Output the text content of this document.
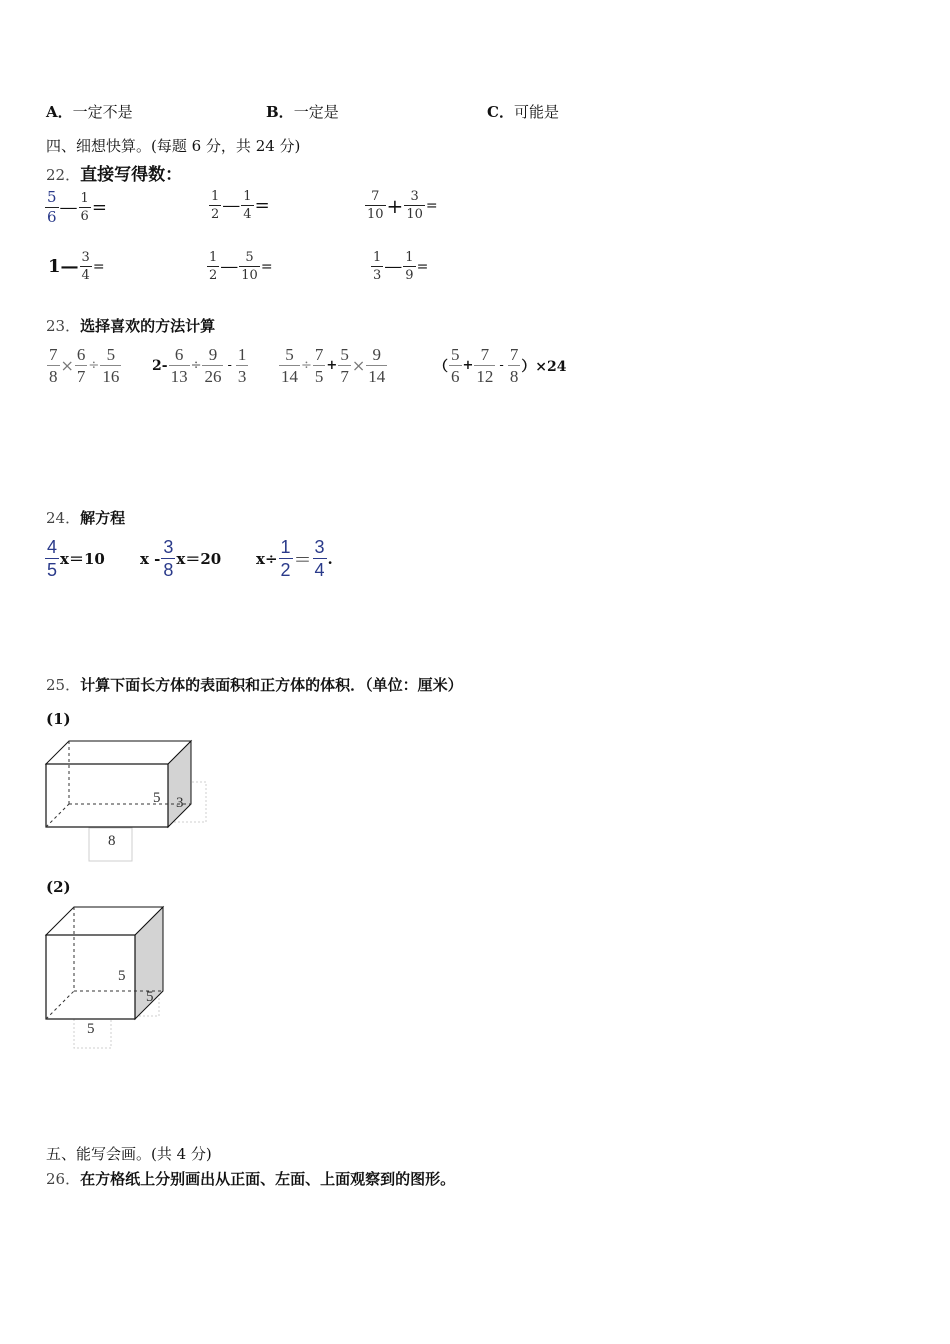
A．一定不是	B．一定是	C．可能是
四、细想快算。(每题 6 分，共 24 分)
22．直接写得数：
$\frac{5}{6}$ — $\frac{1}{6}$ =	$\frac{1}{2}$ — $\frac{1}{4}$ =	$\frac{7}{10} + \frac{3}{10}$ =
1— $\frac{3}{4}$ =	$\frac{1}{2}$ — $\frac{5}{10}$ =	$\frac{1}{3}$ — $\frac{1}{9}$ =
23．选择喜欢的方法计算
$\frac{7}{8} \times \frac{6}{7} \div \frac{5}{16} 2- \frac{6}{13} \div \frac{9}{26} - \frac{1}{3} \frac{5}{14} \div \frac{7}{5} + \frac{5}{7} \times \frac{9}{14}$	（ $\frac{5}{6} + \frac{7}{12} - \frac{7}{8} )\times 24$
24．解方程
$\frac{4}{5} x=10$ $x - \frac{3}{8} x=20$ $x\div \frac{1}{2} = \frac{3}{4}$ .
25．计算下面长方体的表面积和正方体的体积．（单位：厘米）
(1)
5 3
8
(2)
5
5
5
五、能写会画。(共 4 分)
26．在方格纸上分别画出从正面、左面、上面观察到的图形。
